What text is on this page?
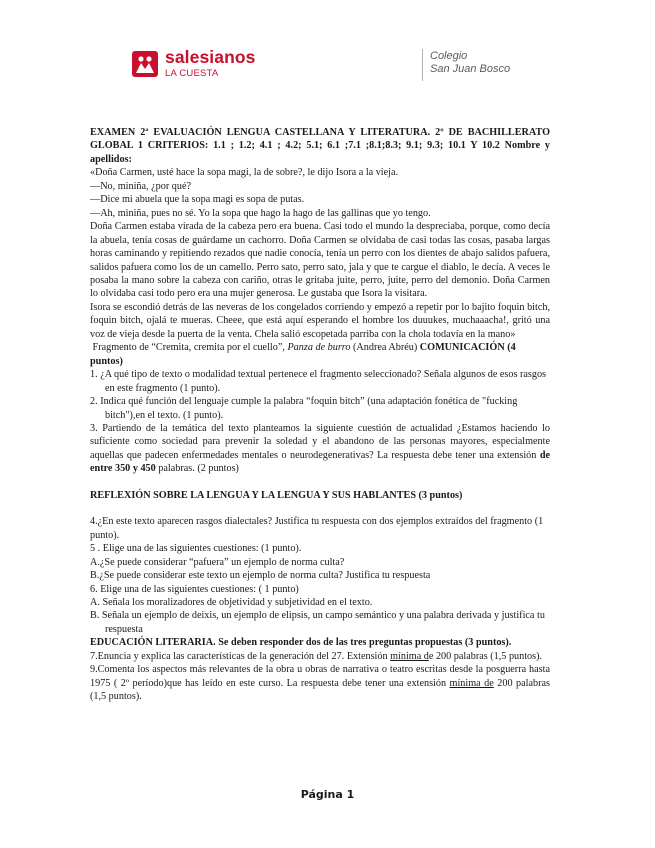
salesianos
LA CUESTA
Colegio
San Juan Bosco

EXAMEN 2ª EVALUACIÓN LENGUA CASTELLANA Y LITERATURA. 2º DE BACHILLERATO GLOBAL 1 CRITERIOS: 1.1 ; 1.2; 4.1 ; 4.2; 5.1; 6.1 ;7.1 ;8.1;8.3; 9.1; 9.3; 10.1 Y 10.2 Nombre y apellidos:

«Doña Carmen, usté hace la sopa magi, la de sobre?, le dijo Isora a la vieja.

—No, miniña, ¿por qué?

—Dice mi abuela que la sopa magi es sopa de putas.

—Ah, miniña, pues no sé. Yo la sopa que hago la hago de las gallinas que yo tengo.

Doña Carmen estaba virada de la cabeza pero era buena. Casi todo el mundo la despreciaba, porque, como decía la abuela, tenía cosas de guárdame un cachorro. Doña Carmen se olvidaba de casi todas las cosas, pasaba largas horas caminando y repitiendo rezados que nadie conocía, tenía un perro con los dientes de abajo salidos pafuera, salidos pafuera como los de un camello. Perro sato, perro sato, jala y que te cargue el diablo, le decía. A veces le posaba la mano sobre la cabeza con cariño, otras le gritaba juite, perro, juite, perro del demonio. Doña Carmen lo olvidaba casi todo pero era una mujer generosa. Le gustaba que Isora la visitara.

Isora se escondió detrás de las neveras de los congelados corriendo y empezó a repetir por lo bajito foquin bitch, foquin bitch, ojalá te mueras. Cheee, que está aquí esperando el hombre los duuukes, muchaaacha!, gritó una voz de vieja desde la puerta de la venta. Chela salió escopetada parriba con la chola todavía en la mano»

Fragmento de “Cremita, cremita por el cuello”, Panza de burro (Andrea Abréu) COMUNICACIÓN (4 puntos)

1. ¿A qué tipo de texto o modalidad textual pertenece el fragmento seleccionado? Señala algunos de esos rasgos en este fragmento (1 punto).

2. Indica qué función del lenguaje cumple la palabra “foquin bitch” (una adaptación fonética de "fucking bitch"),en el texto. (1 punto).

3. Partiendo de la temática del texto planteamos la siguiente cuestión de actualidad ¿Estamos haciendo lo suficiente como sociedad para prevenir la soledad y el abandono de las personas mayores, especialmente aquellas que padecen enfermedades mentales o neurodegenerativas? La respuesta debe tener una extensión de entre 350 y 450 palabras. (2 puntos)

REFLEXIÓN SOBRE LA LENGUA Y LA LENGUA Y SUS HABLANTES (3 puntos)

4.¿En este texto aparecen rasgos dialectales? Justifica tu respuesta con dos ejemplos extraídos del fragmento (1 punto).

5 . Elige una de las siguientes cuestiones: (1 punto).

A.¿Se puede considerar “pafuera” un ejemplo de norma culta?

B.¿Se puede considerar este texto un ejemplo de norma culta? Justifica tu respuesta

6. Elige una de las siguientes cuestiones: ( 1 punto)

A. Señala los moralizadores de objetividad y subjetividad en el texto.

B. Señala un ejemplo de deixis, un ejemplo de elipsis, un campo semántico y una palabra derivada y justifica tu respuesta

EDUCACIÓN LITERARIA. Se deben responder dos de las tres preguntas propuestas (3 puntos).

7.Enuncia y explica las características de la generación del 27. Extensión mínima de 200 palabras (1,5 puntos).

9.Comenta los aspectos más relevantes de la obra u obras de narrativa o teatro escritas desde la posguerra hasta 1975 ( 2º período)que has leído en este curso. La respuesta debe tener una extensión mínima de 200 palabras (1,5 puntos).

Página 1
